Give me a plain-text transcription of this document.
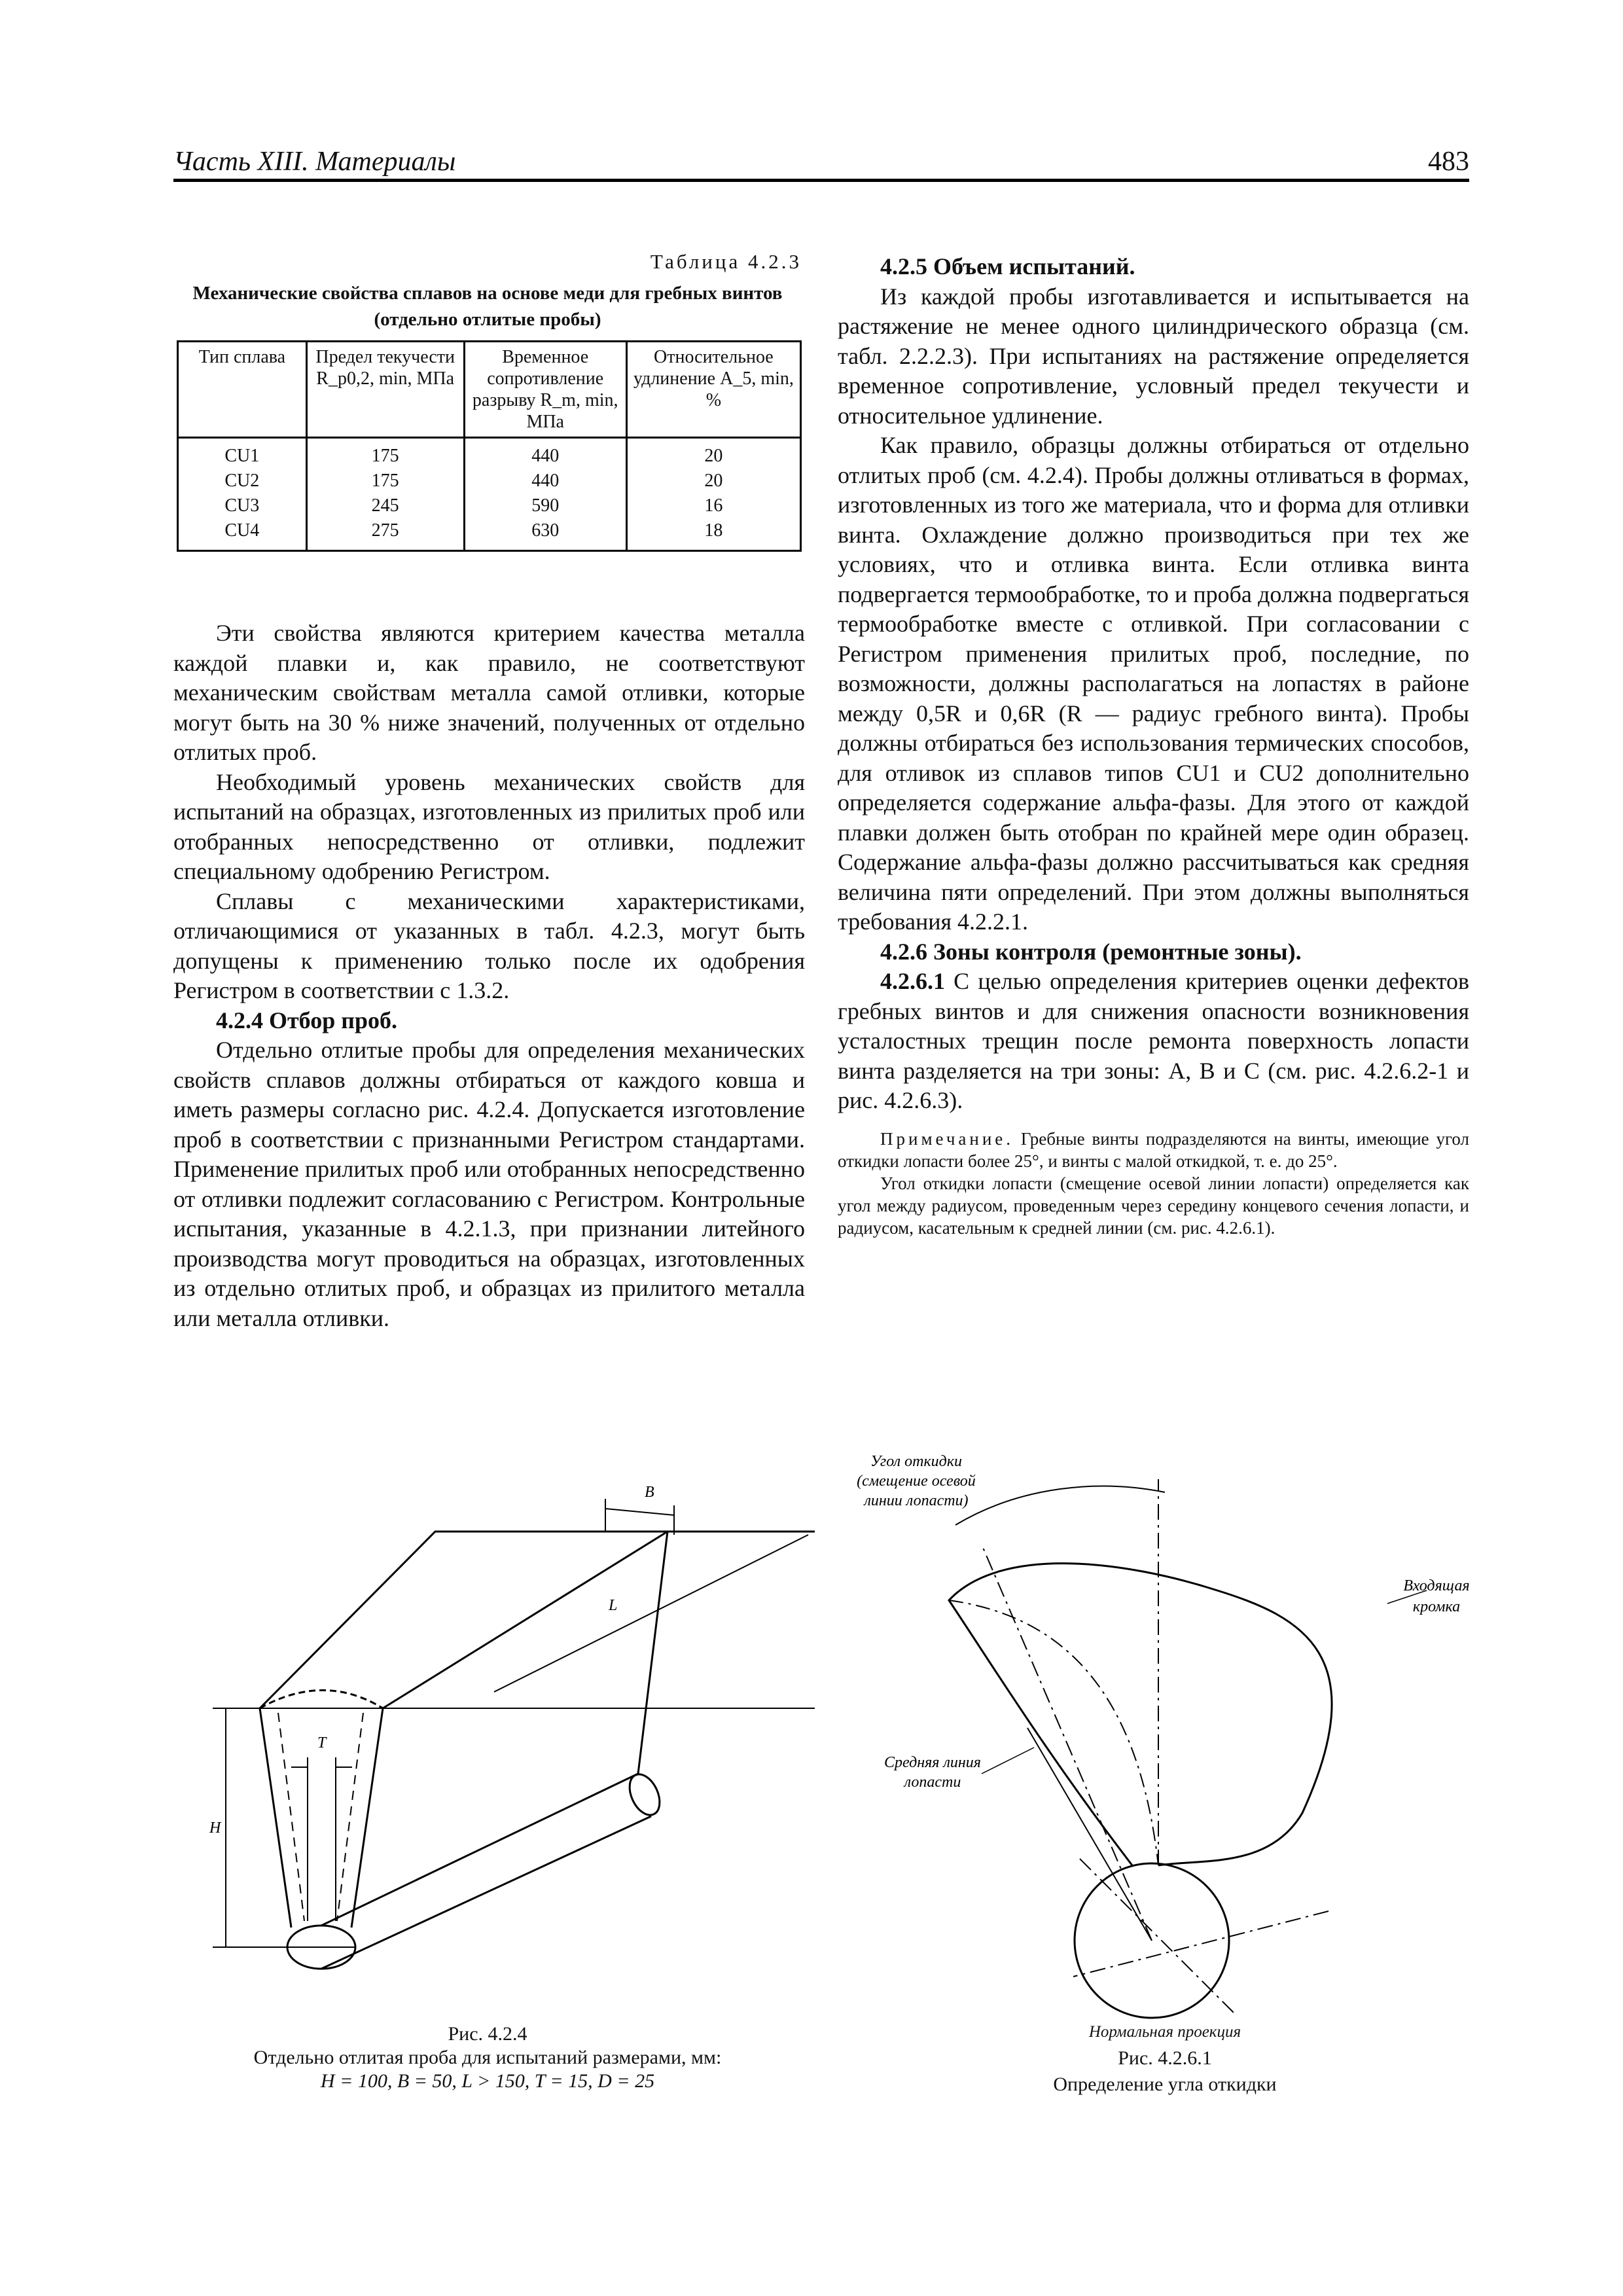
Часть XIII. Материалы	483
Таблица 4.2.3
Механические свойства сплавов на основе меди для гребных винтов (отдельно отлитые пробы)
Тип сплава	Предел текучести R_p0,2, min, МПа	Временное сопротивление разрыву R_m, min, МПа	Относительное удлинение A_5, min, %
CU1	175	440	20
CU2	175	440	20
CU3	245	590	16
CU4	275	630	18

Эти свойства являются критерием качества металла каждой плавки и, как правило, не соответствуют механическим свойствам металла самой отливки, которые могут быть на 30 % ниже значений, полученных от отдельно отлитых проб.

Необходимый уровень механических свойств для испытаний на образцах, изготовленных из прилитых проб или отобранных непосредственно от отливки, подлежит специальному одобрению Регистром.

Сплавы с механическими характеристиками, отличающимися от указанных в табл. 4.2.3, могут быть допущены к применению только после их одобрения Регистром в соответствии с 1.3.2.

4.2.4 Отбор проб.

Отдельно отлитые пробы для определения механических свойств сплавов должны отбираться от каждого ковша и иметь размеры согласно рис. 4.2.4. Допускается изготовление проб в соответствии с признанными Регистром стандартами. Применение прилитых проб или отобранных непосредственно от отливки подлежит согласованию с Регистром. Контрольные испытания, указанные в 4.2.1.3, при признании литейного производства могут проводиться на образцах, изготовленных из отдельно отлитых проб, и образцах из прилитого металла или металла отливки.

4.2.5 Объем испытаний.

Из каждой пробы изготавливается и испытывается на растяжение не менее одного цилиндрического образца (см. табл. 2.2.2.3). При испытаниях на растяжение определяется временное сопротивление, условный предел текучести и относительное удлинение.

Как правило, образцы должны отбираться от отдельно отлитых проб (см. 4.2.4). Пробы должны отливаться в формах, изготовленных из того же материала, что и форма для отливки винта. Охлаждение должно производиться при тех же условиях, что и отливка винта. Если отливка винта подвергается термообработке, то и проба должна подвергаться термообработке вместе с отливкой. При согласовании с Регистром применения прилитых проб, последние, по возможности, должны располагаться на лопастях в районе между 0,5R и 0,6R (R — радиус гребного винта). Пробы должны отбираться без использования термических способов, для отливок из сплавов типов CU1 и CU2 дополнительно определяется содержание альфа-фазы. Для этого от каждой плавки должен быть отобран по крайней мере один образец. Содержание альфа-фазы должно рассчитываться как средняя величина пяти определений. При этом должны выполняться требования 4.2.2.1.

4.2.6 Зоны контроля (ремонтные зоны).

4.2.6.1 С целью определения критериев оценки дефектов гребных винтов и для снижения опасности возникновения усталостных трещин после ремонта поверхность лопасти винта разделяется на три зоны: A, B и C (см. рис. 4.2.6.2-1 и рис. 4.2.6.3).

Примечание. Гребные винты подразделяются на винты, имеющие угол откидки лопасти более 25°, и винты с малой откидкой, т. е. до 25°.

Угол откидки лопасти (смещение осевой линии лопасти) определяется как угол между радиусом, проведенным через середину концевого сечения лопасти, и радиусом, касательным к средней линии (см. рис. 4.2.6.1).

B
L
T
H
Рис. 4.2.4
Отдельно отлитая проба для испытаний размерами, мм:
H = 100, B = 50, L > 150, T = 15, D = 25
Угол откидки
(смещение осевой
линии лопасти)
Входящая
кромка
Средняя линия
лопасти
Нормальная проекция
Рис. 4.2.6.1
Определение угла откидки
